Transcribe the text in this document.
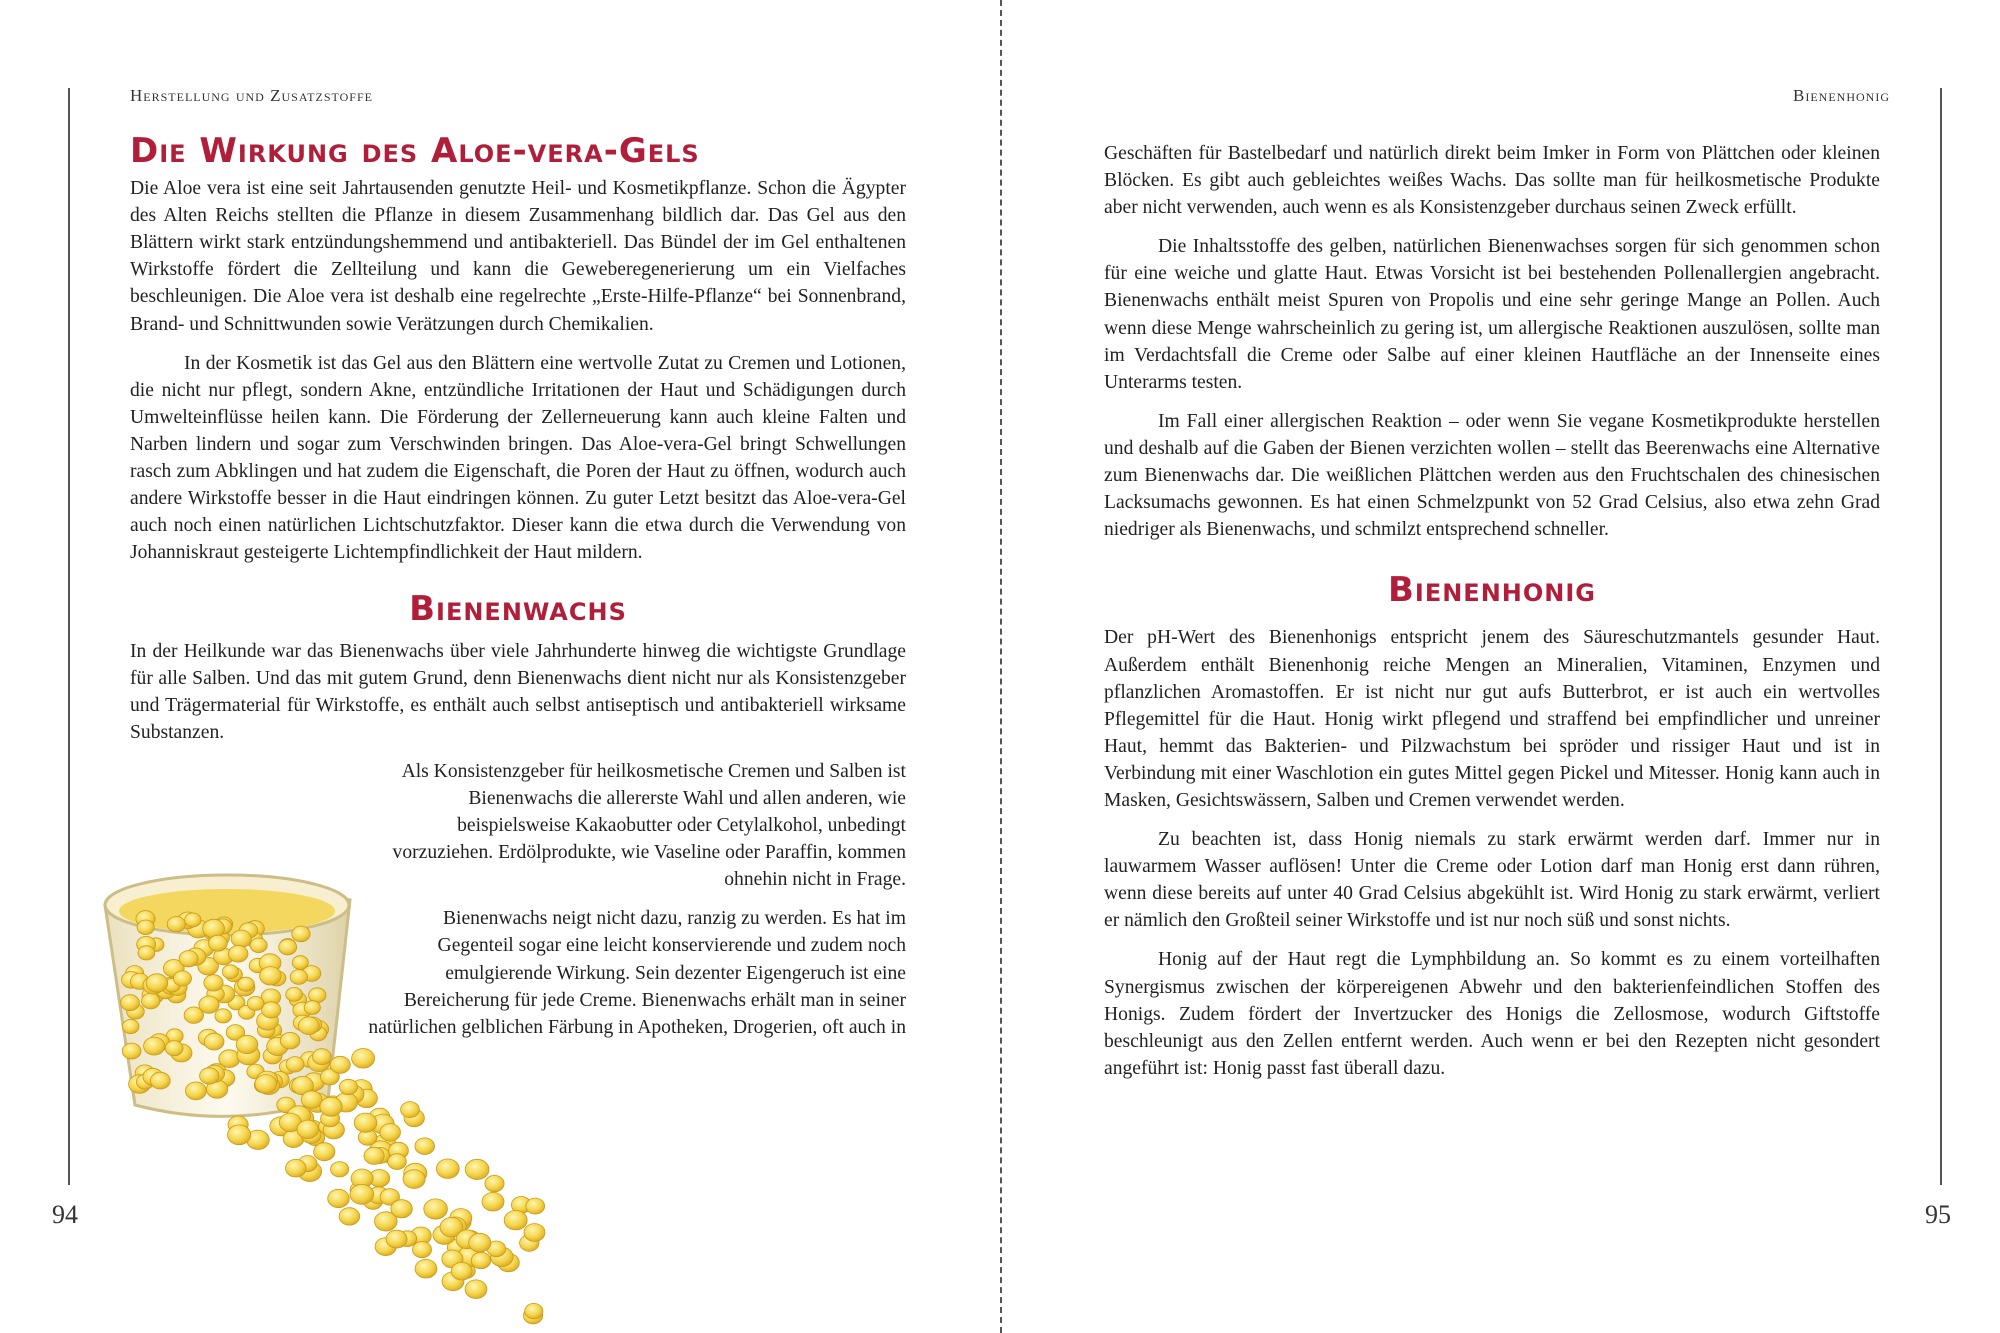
Herstellung und Zusatzstoffe
Die Wirkung des Aloe-vera-Gels

Die Aloe vera ist eine seit Jahrtausenden genutzte Heil- und Kosmetikpflanze. Schon die Ägypter des Alten Reichs stellten die Pflanze in diesem Zusammenhang bildlich dar. Das Gel aus den Blättern wirkt stark entzündungshemmend und antibakteriell. Das Bündel der im Gel enthaltenen Wirkstoffe fördert die Zellteilung und kann die Geweberegenerierung um ein Vielfaches beschleunigen. Die Aloe vera ist deshalb eine regelrechte „Erste-Hilfe-Pflanze“ bei Sonnenbrand, Brand- und Schnittwunden sowie Verätzungen durch Chemikalien.

In der Kosmetik ist das Gel aus den Blättern eine wertvolle Zutat zu Cremen und Lotionen, die nicht nur pflegt, sondern Akne, entzündliche Irritationen der Haut und Schädigungen durch Umwelteinflüsse heilen kann. Die Förderung der Zellerneuerung kann auch kleine Falten und Narben lindern und sogar zum Verschwinden bringen. Das Aloe-vera-Gel bringt Schwellungen rasch zum Abklingen und hat zudem die Eigenschaft, die Poren der Haut zu öffnen, wodurch auch andere Wirkstoffe besser in die Haut eindringen können. Zu guter Letzt besitzt das Aloe-vera-Gel auch noch einen natürlichen Lichtschutzfaktor. Dieser kann die etwa durch die Verwendung von Johanniskraut gesteigerte Lichtempfindlichkeit der Haut mildern.

Bienenwachs

In der Heilkunde war das Bienenwachs über viele Jahrhunderte hinweg die wichtigste Grundlage für alle Salben. Und das mit gutem Grund, denn Bienenwachs dient nicht nur als Konsistenzgeber und Trägermaterial für Wirkstoffe, es enthält auch selbst antiseptisch und antibakteriell wirksame Substanzen.

Als Konsistenzgeber für heilkosmetische Cremen und Salben ist Bienenwachs die allererste Wahl und allen anderen, wie beispielsweise Kakaobutter oder Cetylalkohol, unbedingt vorzuziehen. Erdölprodukte, wie Vaseline oder Paraffin, kommen ohnehin nicht in Frage.

Bienenwachs neigt nicht dazu, ranzig zu werden. Es hat im Gegenteil sogar eine leicht konservierende und zudem noch emulgierende Wirkung. Sein dezenter Eigengeruch ist eine Bereicherung für jede Creme. Bienenwachs erhält man in seiner natürlichen gelblichen Färbung in Apotheken, Drogerien, oft auch in

94
Bienenhonig

Geschäften für Bastelbedarf und natürlich direkt beim Imker in Form von Plättchen oder kleinen Blöcken. Es gibt auch gebleichtes weißes Wachs. Das sollte man für heilkosmetische Produkte aber nicht verwenden, auch wenn es als Konsistenzgeber durchaus seinen Zweck erfüllt.

Die Inhaltsstoffe des gelben, natürlichen Bienenwachses sorgen für sich genommen schon für eine weiche und glatte Haut. Etwas Vorsicht ist bei bestehenden Pollenallergien angebracht. Bienenwachs enthält meist Spuren von Propolis und eine sehr geringe Mange an Pollen. Auch wenn diese Menge wahrscheinlich zu gering ist, um allergische Reaktionen auszulösen, sollte man im Verdachtsfall die Creme oder Salbe auf einer kleinen Hautfläche an der Innenseite eines Unterarms testen.

Im Fall einer allergischen Reaktion – oder wenn Sie vegane Kosmetikprodukte herstellen und deshalb auf die Gaben der Bienen verzichten wollen – stellt das Beerenwachs eine Alternative zum Bienenwachs dar. Die weißlichen Plättchen werden aus den Fruchtschalen des chinesischen Lacksumachs gewonnen. Es hat einen Schmelzpunkt von 52 Grad Celsius, also etwa zehn Grad niedriger als Bienenwachs, und schmilzt entsprechend schneller.

Bienenhonig

Der pH-Wert des Bienenhonigs entspricht jenem des Säureschutzmantels gesunder Haut. Außerdem enthält Bienenhonig reiche Mengen an Mineralien, Vitaminen, Enzymen und pflanzlichen Aromastoffen. Er ist nicht nur gut aufs Butterbrot, er ist auch ein wertvolles Pflegemittel für die Haut. Honig wirkt pflegend und straffend bei empfindlicher und unreiner Haut, hemmt das Bakterien- und Pilzwachstum bei spröder und rissiger Haut und ist in Verbindung mit einer Waschlotion ein gutes Mittel gegen Pickel und Mitesser. Honig kann auch in Masken, Gesichtswässern, Salben und Cremen verwendet werden.

Zu beachten ist, dass Honig niemals zu stark erwärmt werden darf. Immer nur in lauwarmem Wasser auflösen! Unter die Creme oder Lotion darf man Honig erst dann rühren, wenn diese bereits auf unter 40 Grad Celsius abgekühlt ist. Wird Honig zu stark erwärmt, verliert er nämlich den Großteil seiner Wirkstoffe und ist nur noch süß und sonst nichts.

Honig auf der Haut regt die Lymphbildung an. So kommt es zu einem vorteilhaften Synergismus zwischen der körpereigenen Abwehr und den bakterienfeindlichen Stoffen des Honigs. Zudem fördert der Invertzucker des Honigs die Zellosmose, wodurch Giftstoffe beschleunigt aus den Zellen entfernt werden. Auch wenn er bei den Rezepten nicht gesondert angeführt ist: Honig passt fast überall dazu.

95
